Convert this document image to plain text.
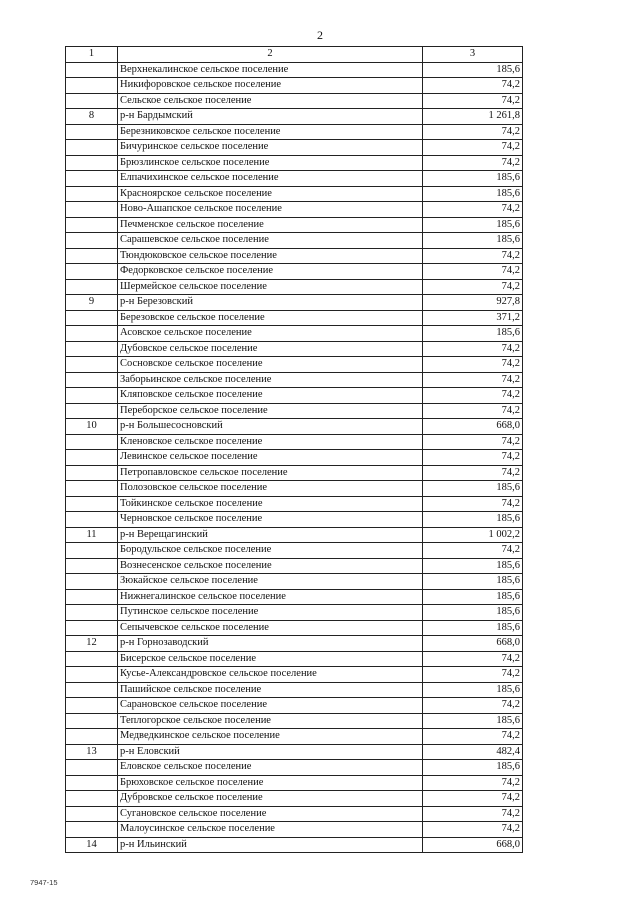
2
1	2	3
	Верхнекалинское сельское поселение	185,6
	Никифоровское сельское поселение	74,2
	Сельское сельское поселение	74,2
8	р-н Бардымский	1 261,8
	Березниковское сельское поселение	74,2
	Бичуринское сельское поселение	74,2
	Брюзлинское сельское поселение	74,2
	Елпачихинское сельское поселение	185,6
	Красноярское сельское поселение	185,6
	Ново-Ашапское сельское поселение	74,2
	Печменское сельское поселение	185,6
	Сарашевское сельское поселение	185,6
	Тюндюковское сельское поселение	74,2
	Федорковское сельское поселение	74,2
	Шермейское сельское поселение	74,2
9	р-н Березовский	927,8
	Березовское сельское поселение	371,2
	Асовское сельское поселение	185,6
	Дубовское сельское поселение	74,2
	Сосновское сельское поселение	74,2
	Заборьинское сельское поселение	74,2
	Кляповское сельское поселение	74,2
	Переборское сельское поселение	74,2
10	р-н Большесосновский	668,0
	Кленовское сельское поселение	74,2
	Левинское сельское поселение	74,2
	Петропавловское сельское поселение	74,2
	Полозовское сельское поселение	185,6
	Тойкинское сельское поселение	74,2
	Черновское сельское поселение	185,6
11	р-н Верещагинский	1 002,2
	Бородульское сельское поселение	74,2
	Вознесенское сельское поселение	185,6
	Зюкайское сельское поселение	185,6
	Нижнегалинское сельское поселение	185,6
	Путинское сельское поселение	185,6
	Сепычевское сельское поселение	185,6
12	р-н Горнозаводский	668,0
	Бисерское сельское поселение	74,2
	Кусье-Александровское сельское поселение	74,2
	Пашийское сельское поселение	185,6
	Сарановское сельское поселение	74,2
	Теплогорское сельское поселение	185,6
	Медведкинское сельское поселение	74,2
13	р-н Еловский	482,4
	Еловское сельское поселение	185,6
	Брюховское сельское поселение	74,2
	Дубровское сельское поселение	74,2
	Сугановское сельское поселение	74,2
	Малоусинское сельское поселение	74,2
14	р-н Ильинский	668,0
7947-15
